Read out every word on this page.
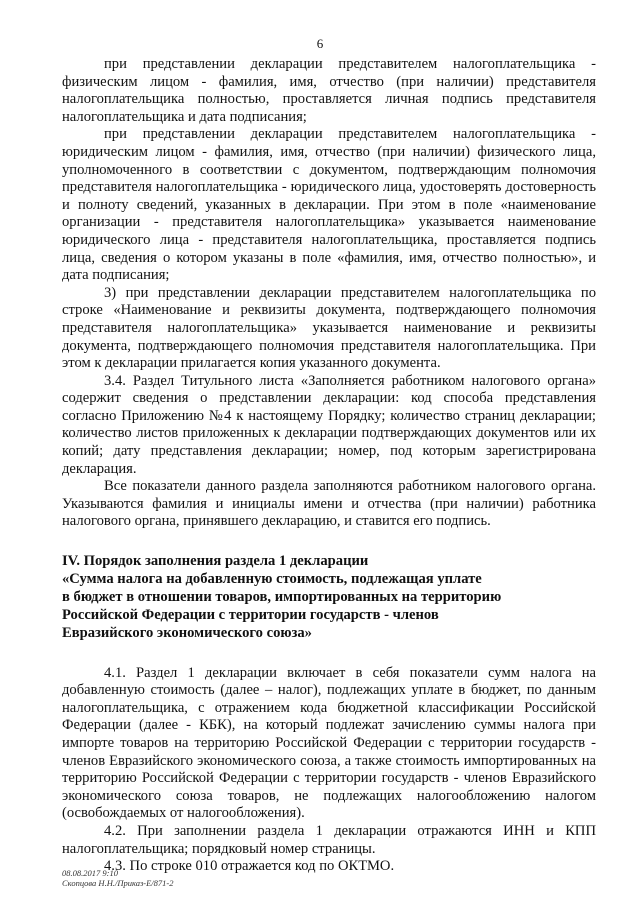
6

при представлении декларации представителем налогоплательщика - физическим лицом - фамилия, имя, отчество (при наличии) представителя налогоплательщика полностью, проставляется личная подпись представителя налогоплательщика и дата подписания;

при представлении декларации представителем налогоплательщика - юридическим лицом - фамилия, имя, отчество (при наличии) физического лица, уполномоченного в соответствии с документом, подтверждающим полномочия представителя налогоплательщика - юридического лица, удостоверять достоверность и полноту сведений, указанных в декларации. При этом в поле «наименование организации - представителя налогоплательщика» указывается наименование юридического лица - представителя налогоплательщика, проставляется подпись лица, сведения о котором указаны в поле «фамилия, имя, отчество полностью», и дата подписания;

3) при представлении декларации представителем налогоплательщика по строке «Наименование и реквизиты документа, подтверждающего полномочия представителя налогоплательщика» указывается наименование и реквизиты документа, подтверждающего полномочия представителя налогоплательщика. При этом к декларации прилагается копия указанного документа.

3.4. Раздел Титульного листа «Заполняется работником налогового органа» содержит сведения о представлении декларации: код способа представления согласно Приложению №4 к настоящему Порядку; количество страниц декларации; количество листов приложенных к декларации подтверждающих документов или их копий; дату представления декларации; номер, под которым зарегистрирована декларация.

Все показатели данного раздела заполняются работником налогового органа. Указываются фамилия и инициалы имени и отчества (при наличии) работника налогового органа, принявшего декларацию, и ставится его подпись.

IV. Порядок заполнения раздела 1 декларации

«Сумма налога на добавленную стоимость, подлежащая уплате

в бюджет в отношении товаров, импортированных на территорию

Российской Федерации с территории государств - членов

Евразийского экономического союза»

4.1. Раздел 1 декларации включает в себя показатели сумм налога на добавленную стоимость (далее – налог), подлежащих уплате в бюджет, по данным налогоплательщика, с отражением кода бюджетной классификации Российской Федерации (далее - КБК), на который подлежат зачислению суммы налога при импорте товаров на территорию Российской Федерации с территории государств - членов Евразийского экономического союза, а также стоимость импортированных на территорию Российской Федерации с территории государств - членов Евразийского экономического союза товаров, не подлежащих налогообложению налогом (освобождаемых от налогообложения).

4.2. При заполнении раздела 1 декларации отражаются ИНН и КПП налогоплательщика; порядковый номер страницы.

4.3. По строке 010 отражается код по ОКТМО.

08.08.2017 9:10
Скопцова Н.Н./Приказ-Е/871-2
